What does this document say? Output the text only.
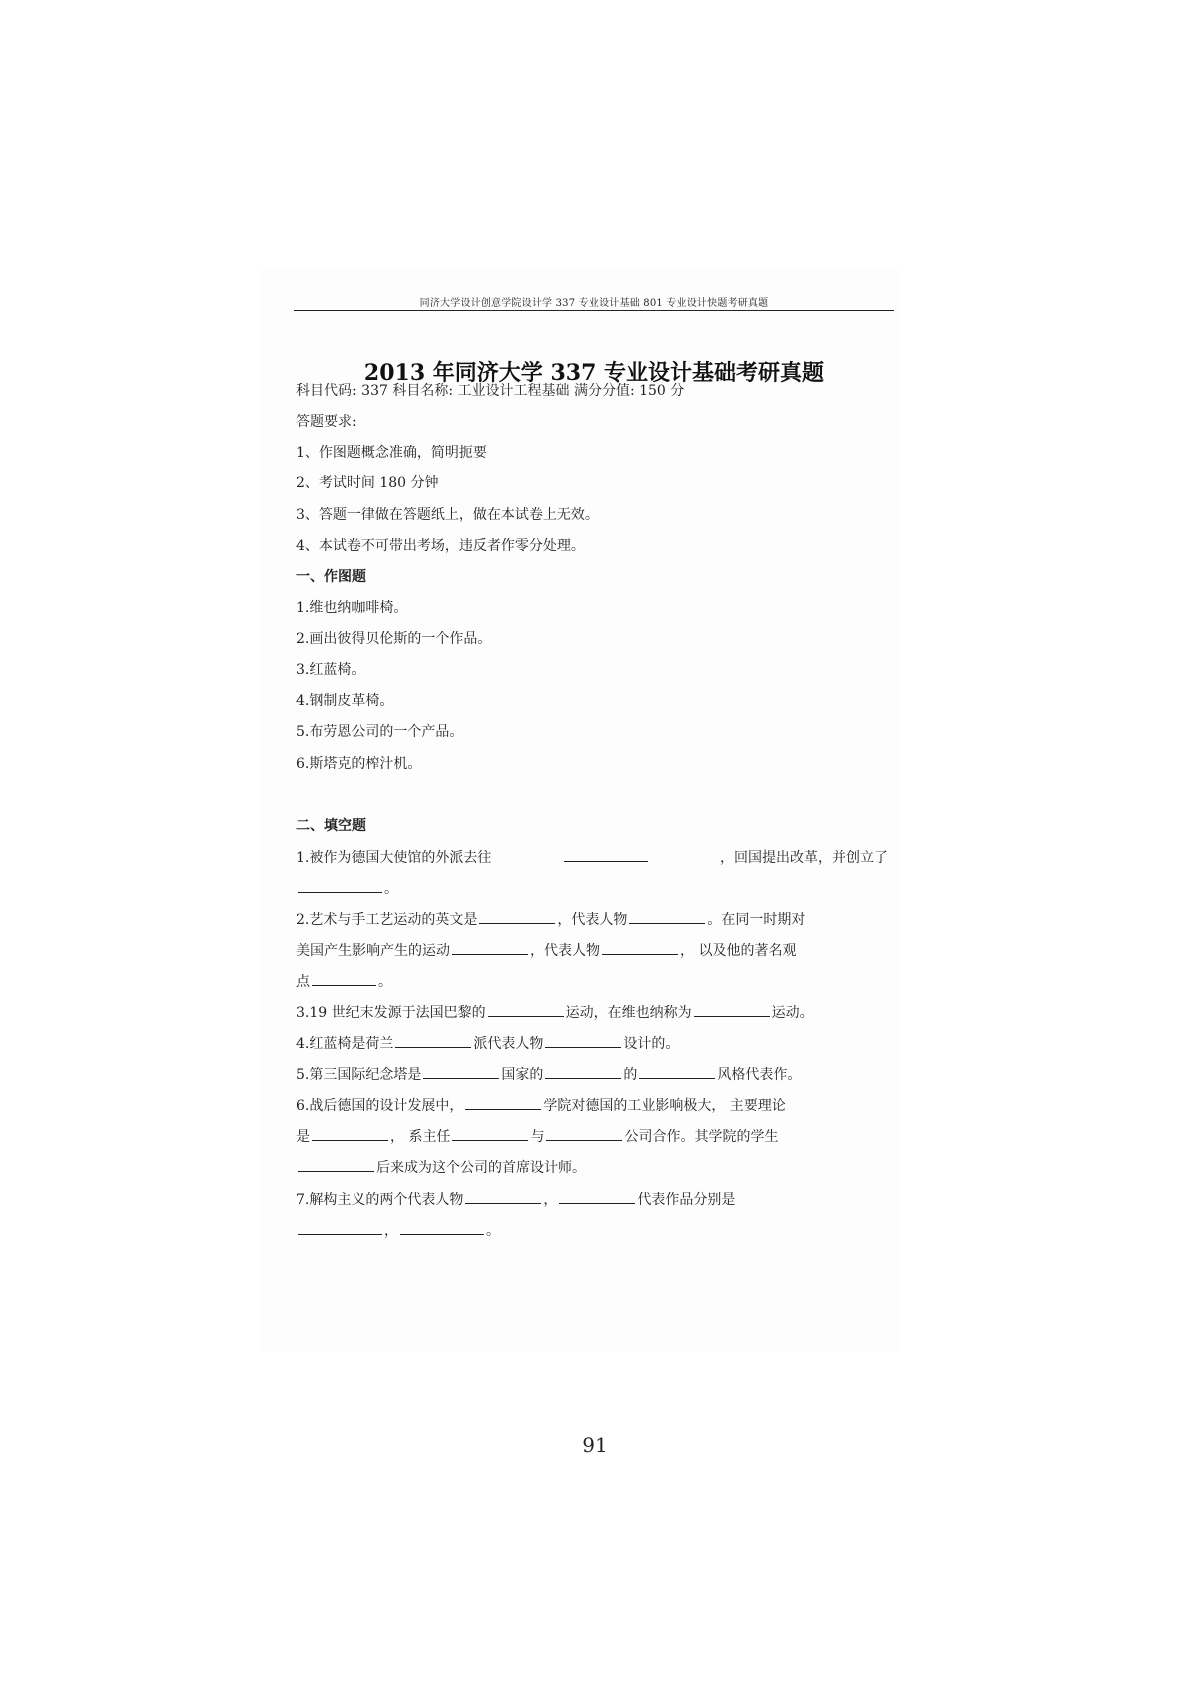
同济大学设计创意学院设计学 337 专业设计基础 801 专业设计快题考研真题
2013 年同济大学 337 专业设计基础考研真题
科目代码: 337 科目名称: 工业设计工程基础 满分分值: 150 分
答题要求:
1、作图题概念准确，简明扼要
2、考试时间 180 分钟
3、答题一律做在答题纸上，做在本试卷上无效。
4、本试卷不可带出考场，违反者作零分处理。
一、作图题
1.维也纳咖啡椅。
2.画出彼得贝伦斯的一个作品。
3.红蓝椅。
4.钢制皮革椅。
5.布劳恩公司的一个产品。
6.斯塔克的榨汁机。
二、填空题
1.被作为德国大使馆的外派去往	，回国提出改革，并创立了
。
2.艺术与手工艺运动的英文是	，代表人物	。在同一时期对
美国产生影响产生的运动	，代表人物	， 以及他的著名观
点	。
3.19 世纪末发源于法国巴黎的	运动，在维也纳称为	运动。
4.红蓝椅是荷兰	派代表人物	设计的。
5.第三国际纪念塔是	国家的	的	风格代表作。
6.战后德国的设计发展中，	学院对德国的工业影响极大， 主要理论
是	， 系主任	与	公司合作。其学院的学生
后来成为这个公司的首席设计师。
7.解构主义的两个代表人物	，	代表作品分别是
，	。
91
